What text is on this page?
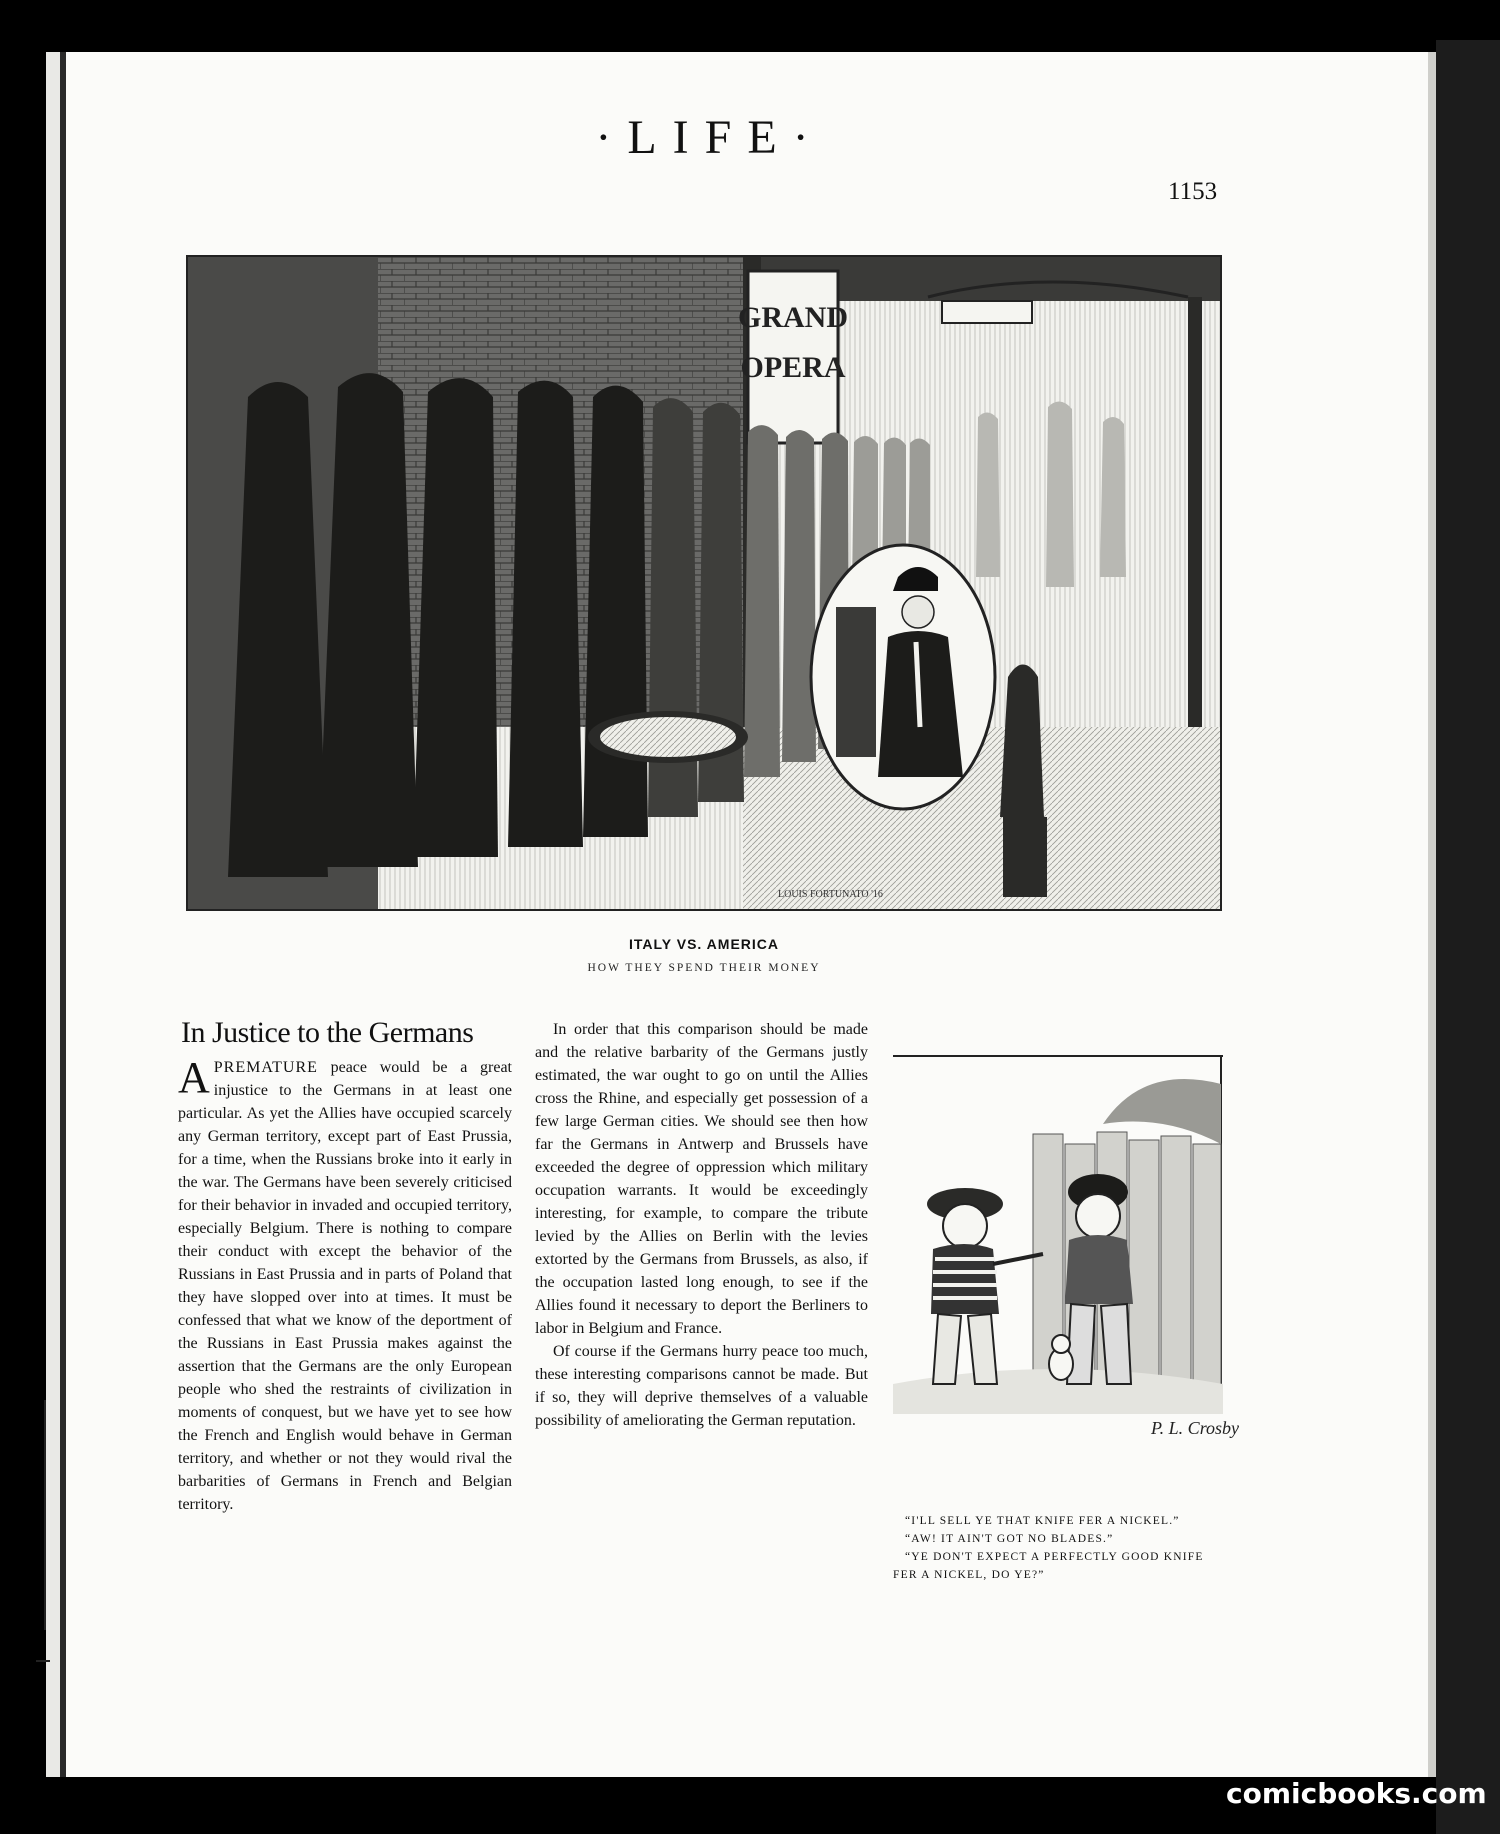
·LIFE·
1153
GRAND
OPERA
LOUIS FORTUNATO '16
ITALY VS. AMERICA
HOW THEY SPEND THEIR MONEY
In Justice to the Germans

APREMATURE peace would be a great injustice to the Germans in at least one particular. As yet the Allies have occupied scarcely any German territory, except part of East Prussia, for a time, when the Russians broke into it early in the war. The Germans have been severely criticised for their behavior in invaded and occupied territory, especially Belgium. There is nothing to compare their conduct with except the behavior of the Russians in East Prussia and in parts of Poland that they have slopped over into at times. It must be confessed that what we know of the deportment of the Russians in East Prussia makes against the assertion that the Germans are the only European people who shed the restraints of civilization in moments of conquest, but we have yet to see how the French and English would behave in German territory, and whether or not they would rival the barbarities of Germans in French and Belgian territory.

In order that this comparison should be made and the relative barbarity of the Germans justly estimated, the war ought to go on until the Allies cross the Rhine, and especially get possession of a few large German cities. We should see then how far the Germans in Antwerp and Brussels have exceeded the degree of oppression which military occupation warrants. It would be exceedingly interesting, for example, to compare the tribute levied by the Allies on Berlin with the levies extorted by the Germans from Brussels, as also, if the occupation lasted long enough, to see if the Allies found it necessary to deport the Berliners to labor in Belgium and France.

Of course if the Germans hurry peace too much, these interesting comparisons cannot be made. But if so, they will deprive themselves of a valuable possibility of ameliorating the German reputation.	P. L. Crosby

“I'LL SELL YE THAT KNIFE FER A NICKEL.”

“AW! IT AIN'T GOT NO BLADES.”

“YE DON'T EXPECT A PERFECTLY GOOD KNIFE FER A NICKEL, DO YE?”

comicbooks.com
